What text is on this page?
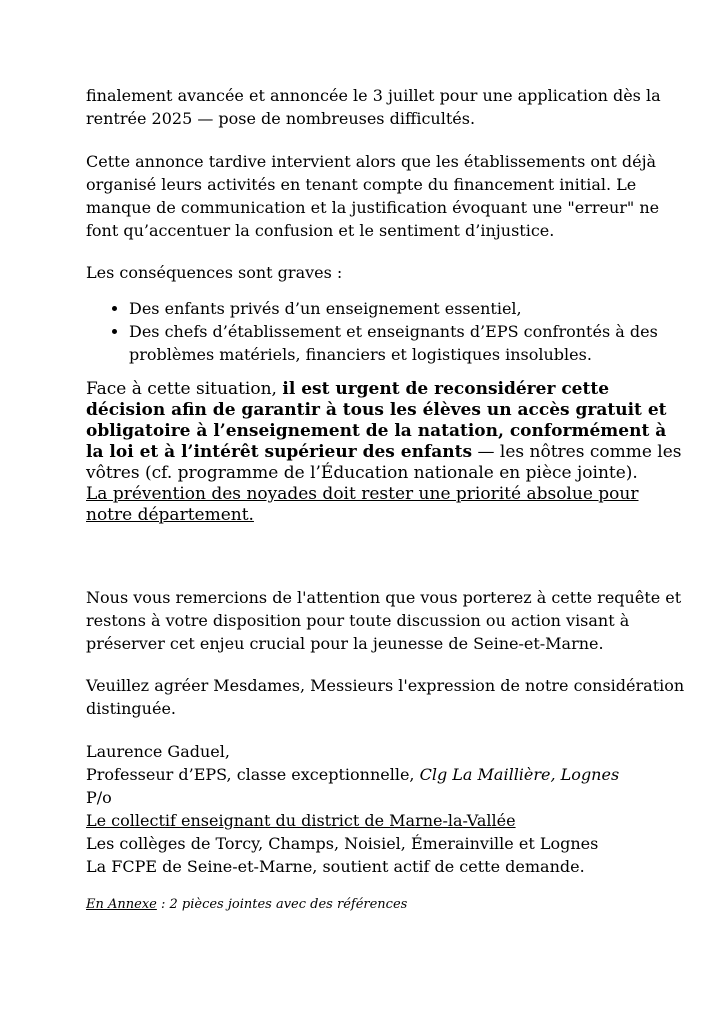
finalement avancée et annoncée le 3 juillet pour une application dès la rentrée 2025 — pose de nombreuses difficultés.

Cette annonce tardive intervient alors que les établissements ont déjà organisé leurs activités en tenant compte du financement initial. Le manque de communication et la justification évoquant une "erreur" ne font qu’accentuer la confusion et le sentiment d’injustice.

Les conséquences sont graves :

• Des enfants privés d’un enseignement essentiel,
• Des chefs d’établissement et enseignants d’EPS confrontés à des problèmes matériels, financiers et logistiques insolubles.

Face à cette situation, il est urgent de reconsidérer cette décision afin de garantir à tous les élèves un accès gratuit et obligatoire à l’enseignement de la natation, conformément à la loi et à l’intérêt supérieur des enfants — les nôtres comme les vôtres (cf. programme de l’Éducation nationale en pièce jointe).

La prévention des noyades doit rester une priorité absolue pour notre département.

Nous vous remercions de l'attention que vous porterez à cette requête et restons à votre disposition pour toute discussion ou action visant à préserver cet enjeu crucial pour la jeunesse de Seine-et-Marne.

Veuillez agréer Mesdames, Messieurs l'expression de notre considération distinguée.

Laurence Gaduel,
Professeur d’EPS, classe exceptionnelle, Clg La Maillière, Lognes
P/o
Le collectif enseignant du district de Marne-la-Vallée
Les collèges de Torcy, Champs, Noisiel, Émerainville et Lognes
La FCPE de Seine-et-Marne, soutient actif de cette demande.

En Annexe : 2 pièces jointes avec des références
